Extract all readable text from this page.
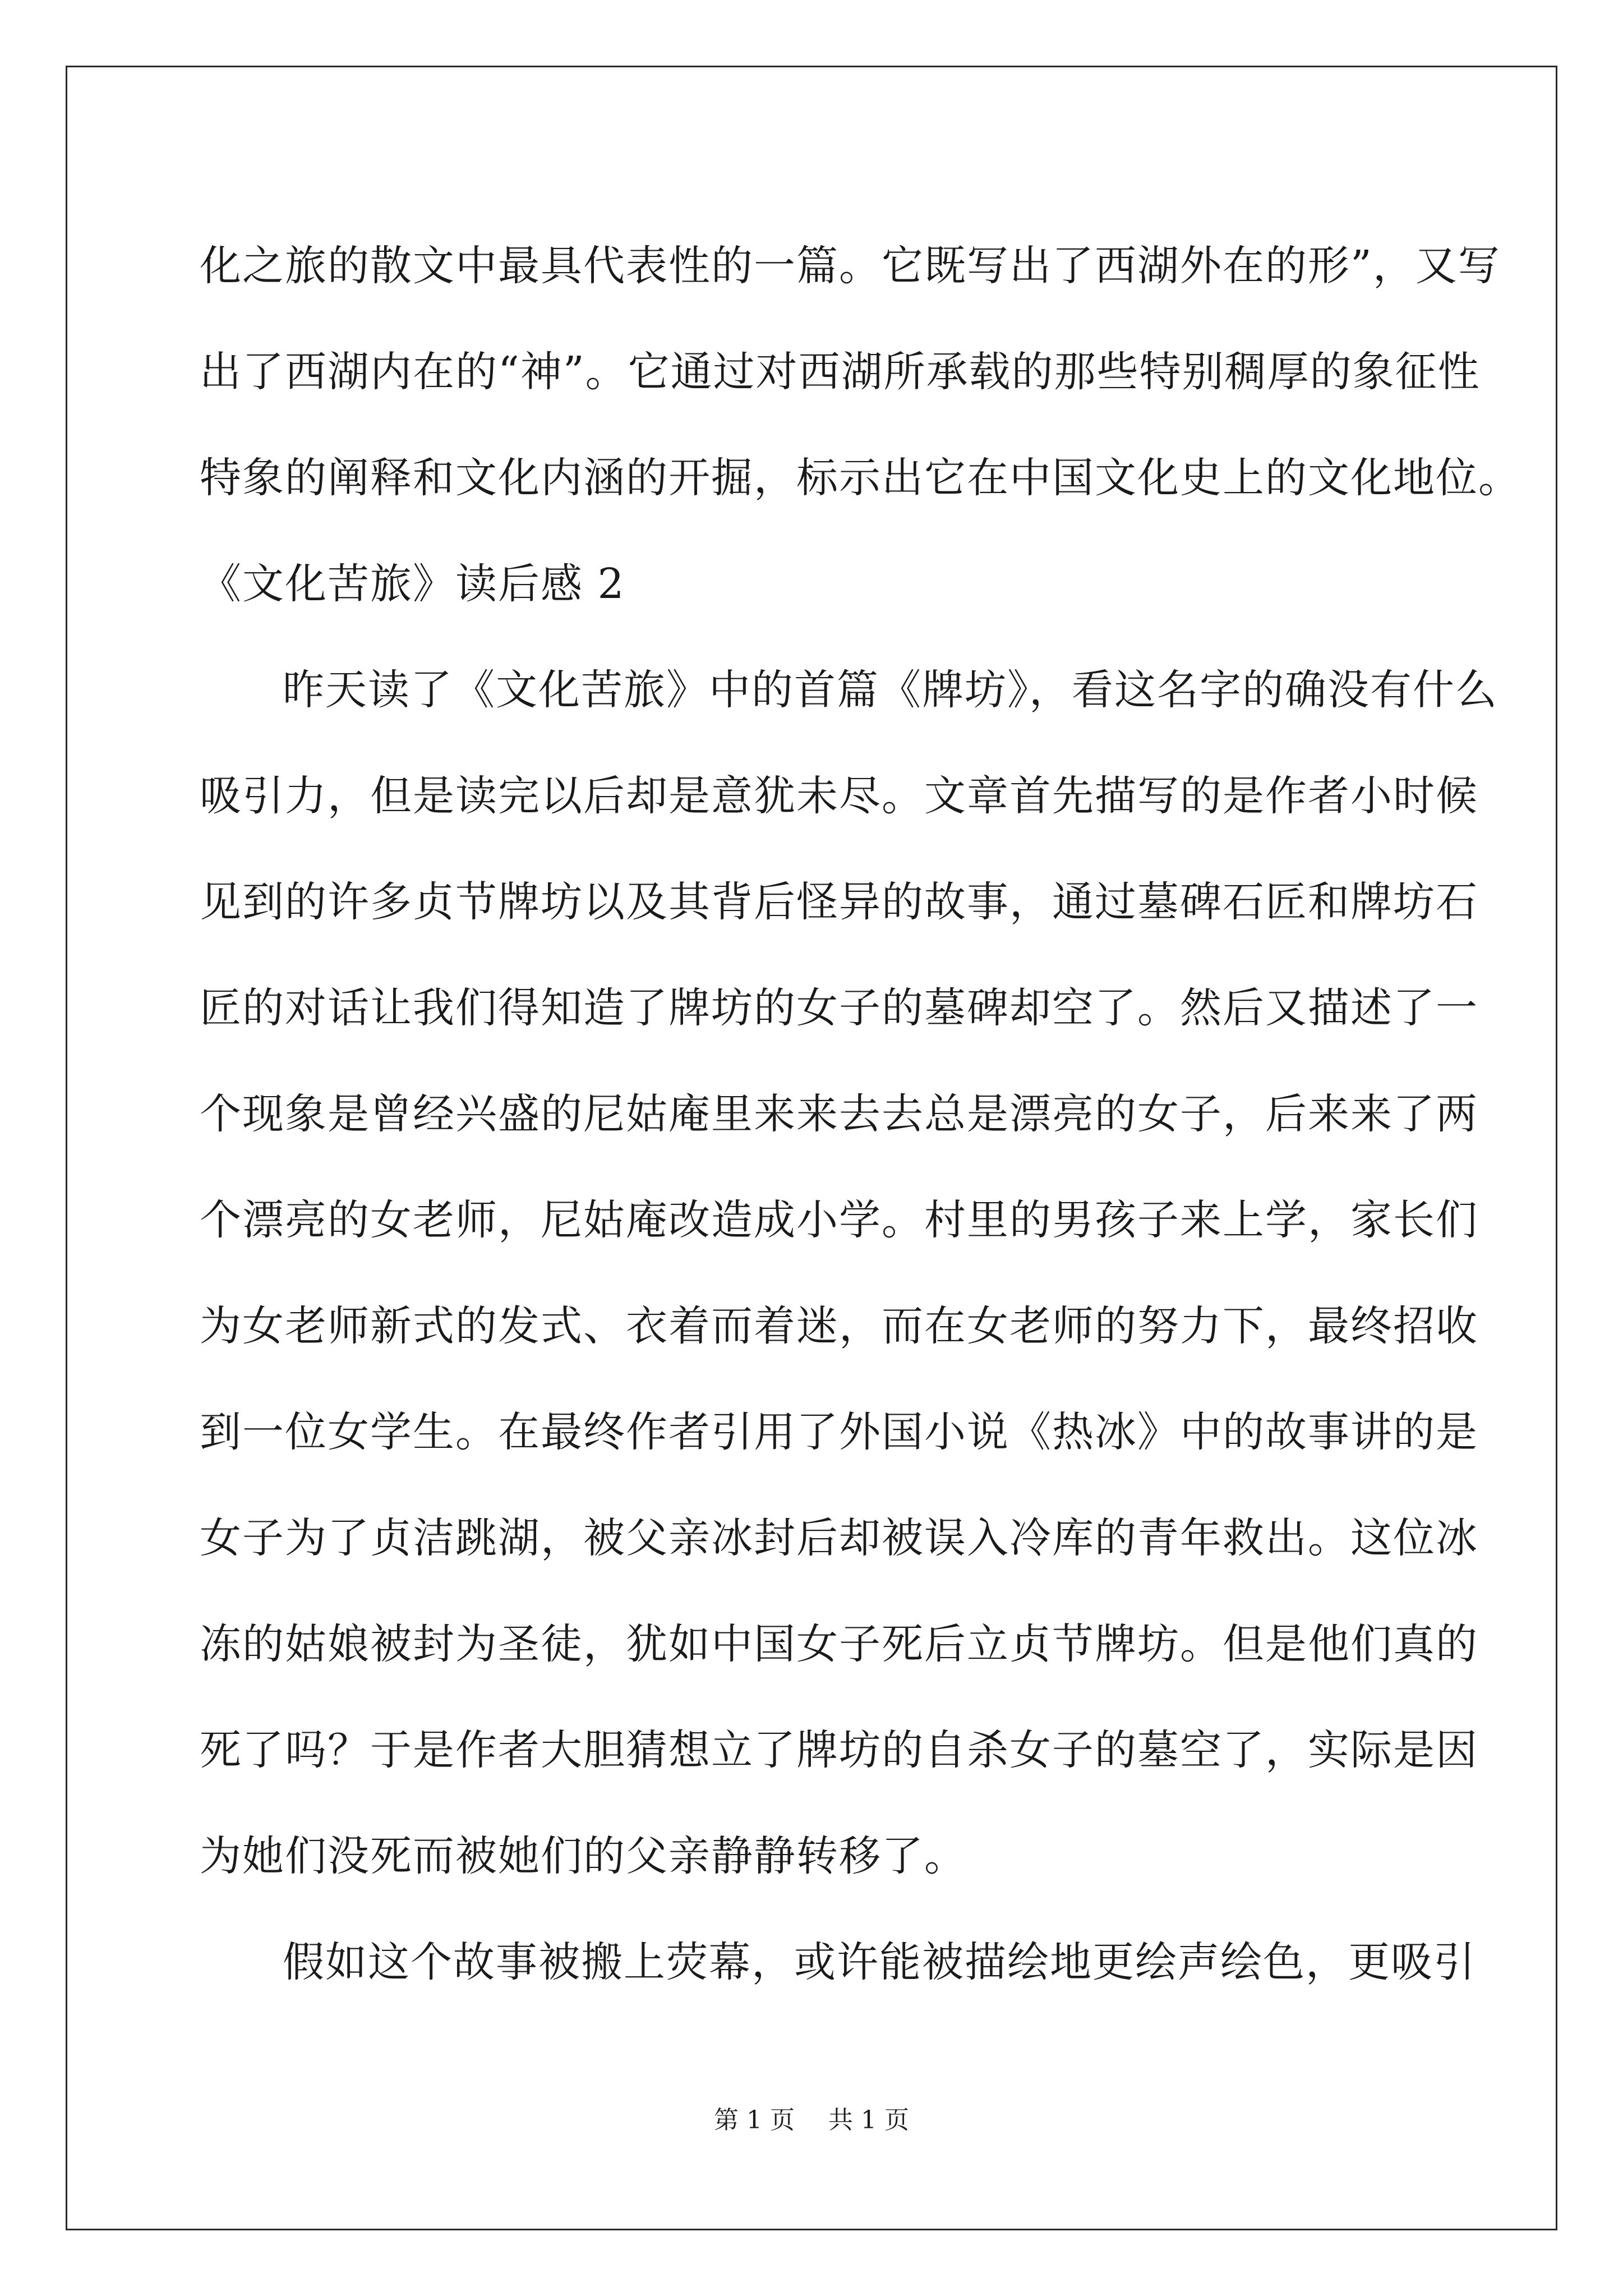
化之旅的散文中最具代表性的一篇。它既写出了西湖外在的形”，又写
出了西湖内在的“神”。它通过对西湖所承载的那些特别稠厚的象征性
特象的阐释和文化内涵的开掘，标示出它在中国文化史上的文化地位。
《文化苦旅》读后感 2
昨天读了《文化苦旅》中的首篇《牌坊》，看这名字的确没有什么
吸引力，但是读完以后却是意犹未尽。文章首先描写的是作者小时候
见到的许多贞节牌坊以及其背后怪异的故事，通过墓碑石匠和牌坊石
匠的对话让我们得知造了牌坊的女子的墓碑却空了。然后又描述了一
个现象是曾经兴盛的尼姑庵里来来去去总是漂亮的女子，后来来了两
个漂亮的女老师，尼姑庵改造成小学。村里的男孩子来上学，家长们
为女老师新式的发式、衣着而着迷，而在女老师的努力下，最终招收
到一位女学生。在最终作者引用了外国小说《热冰》中的故事讲的是
女子为了贞洁跳湖，被父亲冰封后却被误入冷库的青年救出。这位冰
冻的姑娘被封为圣徒，犹如中国女子死后立贞节牌坊。但是他们真的
死了吗？于是作者大胆猜想立了牌坊的自杀女子的墓空了，实际是因
为她们没死而被她们的父亲静静转移了。
假如这个故事被搬上荧幕，或许能被描绘地更绘声绘色，更吸引
第 1 页 共 1 页
